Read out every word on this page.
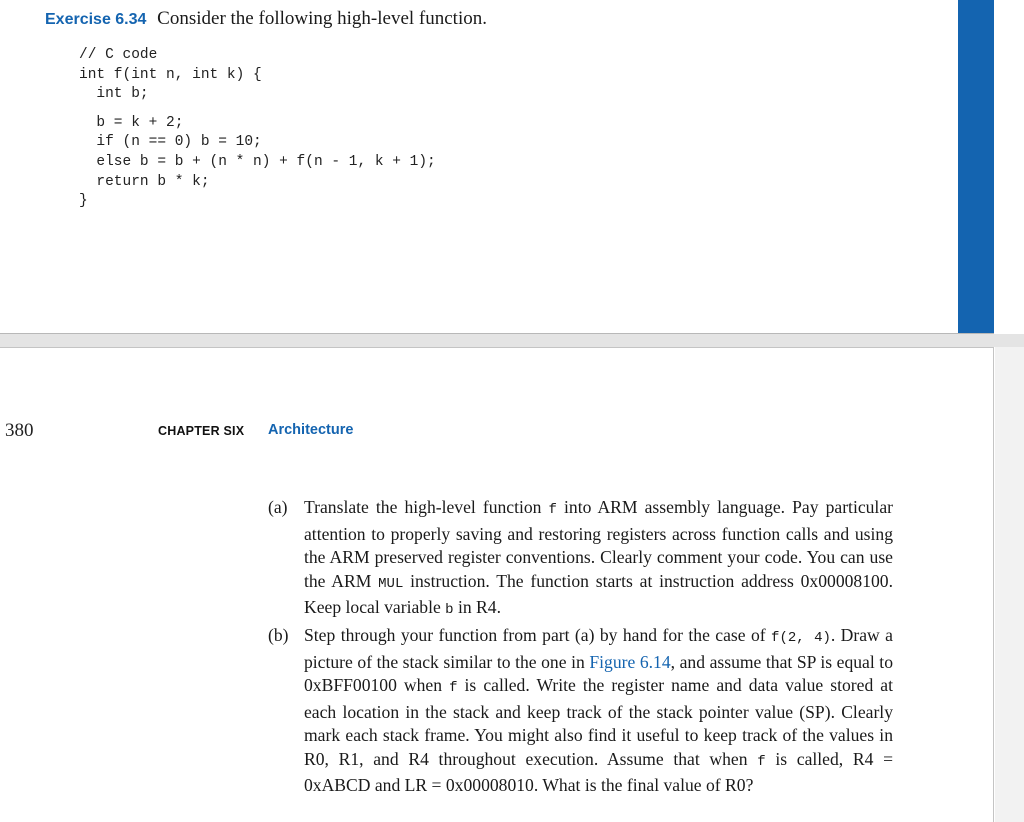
Exercise 6.34 Consider the following high-level function.
// C code
int f(int n, int k) {
int b;
b = k + 2;
if (n == 0) b = 10;
else b = b + (n * n) + f(n - 1, k + 1);
return b * k;
}
380	CHAPTER SIX Architecture
(a) Translate the high-level function f into ARM assembly language. Pay particular attention to properly saving and restoring registers across function calls and using the ARM preserved register conventions. Clearly comment your code. You can use the ARM MUL instruction. The function starts at instruction address 0x00008100. Keep local variable b in R4.
(b) Step through your function from part (a) by hand for the case of f(2, 4). Draw a picture of the stack similar to the one in Figure 6.14, and assume that SP is equal to 0xBFF00100 when f is called. Write the register name and data value stored at each location in the stack and keep track of the stack pointer value (SP). Clearly mark each stack frame. You might also find it useful to keep track of the values in R0, R1, and R4 throughout execution. Assume that when f is called, R4 = 0xABCD and LR = 0x00008010. What is the final value of R0?
